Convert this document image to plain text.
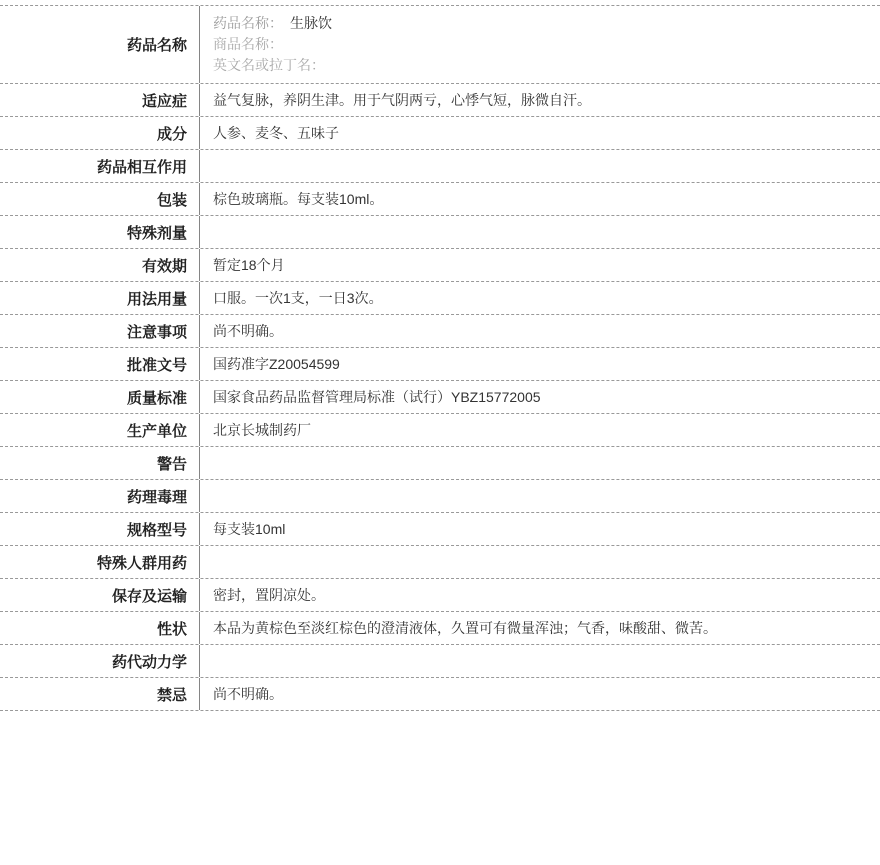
药品名称
药品名称： 生脉饮
商品名称：
英文名或拉丁名：
适应症	益气复脉，养阴生津。用于气阴两亏，心悸气短，脉微自汗。
成分	人参、麦冬、五味子
药品相互作用
包装	棕色玻璃瓶。每支装10ml。
特殊剂量
有效期	暂定18个月
用法用量	口服。一次1支，一日3次。
注意事项	尚不明确。
批准文号	国药准字Z20054599
质量标准	国家食品药品监督管理局标准（试行）YBZ15772005
生产单位	北京长城制药厂
警告
药理毒理
规格型号	每支装10ml
特殊人群用药
保存及运输	密封，置阴凉处。
性状	本品为黄棕色至淡红棕色的澄清液体，久置可有微量浑浊；气香，味酸甜、微苦。
药代动力学
禁忌	尚不明确。
